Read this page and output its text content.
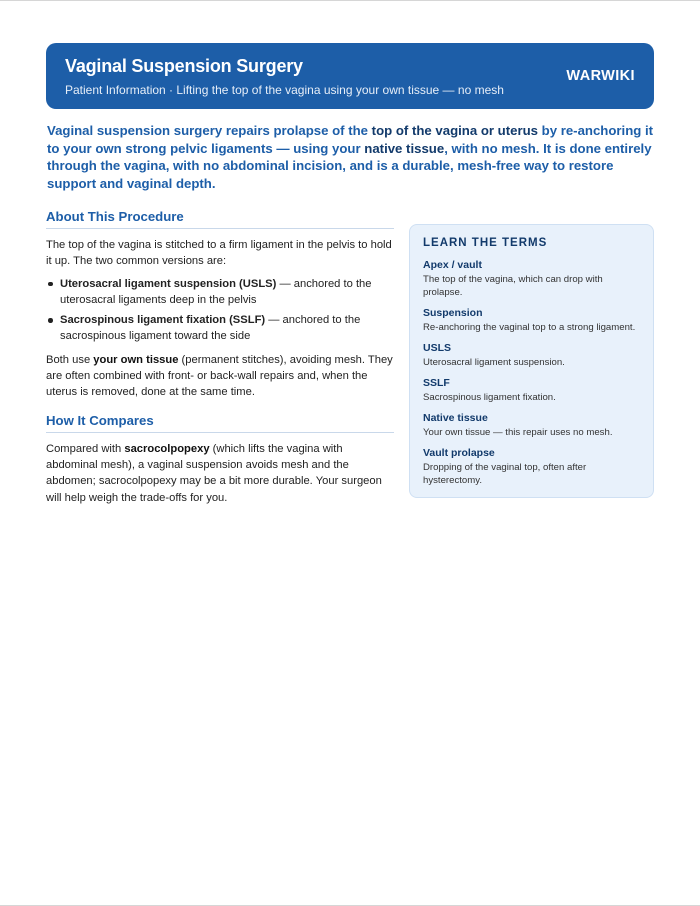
Vaginal Suspension Surgery
Patient Information · Lifting the top of the vagina using your own tissue — no mesh
WARWIKI

Vaginal suspension surgery repairs prolapse of the top of the vagina or uterus by re-anchoring it to your own strong pelvic ligaments — using your native tissue, with no mesh. It is done entirely through the vagina, with no abdominal incision, and is a durable, mesh-free way to restore support and vaginal depth.

About This Procedure

The top of the vagina is stitched to a firm ligament in the pelvis to hold it up. The two common versions are:

Uterosacral ligament suspension (USLS) — anchored to the uterosacral ligaments deep in the pelvis
Sacrospinous ligament fixation (SSLF) — anchored to the sacrospinous ligament toward the side

Both use your own tissue (permanent stitches), avoiding mesh. They are often combined with front- or back-wall repairs and, when the uterus is removed, done at the same time.

How It Compares

Compared with sacrocolpopexy (which lifts the vagina with abdominal mesh), a vaginal suspension avoids mesh and the abdomen; sacrocolpopexy may be a bit more durable. Your surgeon will help weigh the trade-offs for you.

LEARN THE TERMS
Apex / vault
The top of the vagina, which can drop with prolapse.
Suspension
Re-anchoring the vaginal top to a strong ligament.
USLS
Uterosacral ligament suspension.
SSLF
Sacrospinous ligament fixation.
Native tissue
Your own tissue — this repair uses no mesh.
Vault prolapse
Dropping of the vaginal top, often after hysterectomy.
